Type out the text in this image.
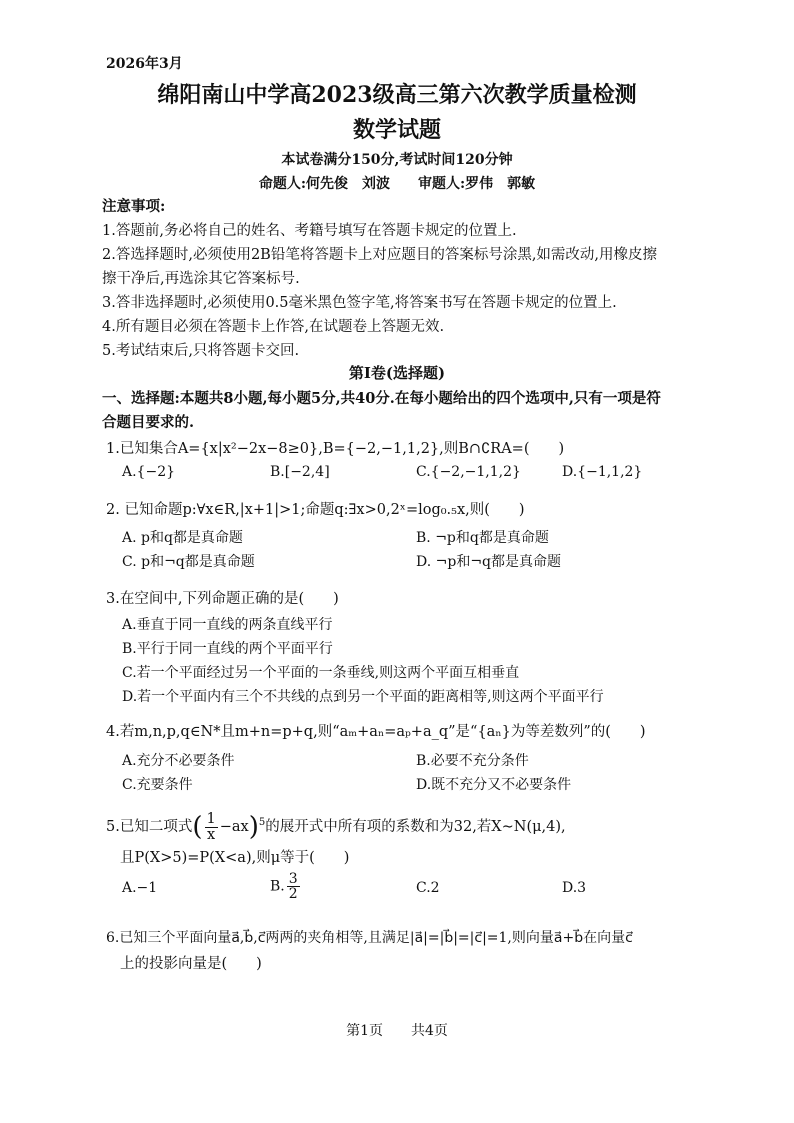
2026年3月
绵阳南山中学高2023级高三第六次教学质量检测
数学试题
本试卷满分150分,考试时间120分钟
命题人:何先俊　刘波　　审题人:罗伟　郭敏
注意事项:
1.答题前,务必将自己的姓名、考籍号填写在答题卡规定的位置上.
2.答选择题时,必须使用2B铅笔将答题卡上对应题目的答案标号涂黑,如需改动,用橡皮擦
擦干净后,再选涂其它答案标号.
3.答非选择题时,必须使用0.5毫米黑色签字笔,将答案书写在答题卡规定的位置上.
4.所有题目必须在答题卡上作答,在试题卷上答题无效.
5.考试结束后,只将答题卡交回.
第Ⅰ卷(选择题)
一、选择题:本题共8小题,每小题5分,共40分.在每小题给出的四个选项中,只有一项是符
合题目要求的.
1.已知集合A={x|x²−2x−8≥0},B={−2,−1,1,2},则B∩∁RA=(　　)
A.{−2}	B.[−2,4]	C.{−2,−1,1,2}	D.{−1,1,2}
2. 已知命题p:∀x∈R,|x+1|>1;命题q:∃x>0,2ˣ=log₀.₅x,则(　　)
A. p和q都是真命题	B. ¬p和q都是真命题
C. p和¬q都是真命题	D. ¬p和¬q都是真命题
3.在空间中,下列命题正确的是(　　)
A.垂直于同一直线的两条直线平行
B.平行于同一直线的两个平面平行
C.若一个平面经过另一个平面的一条垂线,则这两个平面互相垂直
D.若一个平面内有三个不共线的点到另一个平面的距离相等,则这两个平面平行
4.若m,n,p,q∈N*且m+n=p+q,则“aₘ+aₙ=aₚ+a_q”是“{aₙ}为等差数列”的(　　)
A.充分不必要条件	B.必要不充分条件
C.充要条件	D.既不充分又不必要条件
5.已知二项式( $\frac{1}{x} -ax)^5$的展开式中所有项的系数和为32,若X∼N(μ,4),
且P(X>5)=P(X<a),则μ等于(　　)
A.−1	B. $\frac{3}{2}$	C.2	D.3
6.已知三个平面向量a⃗,b⃗,c⃗两两的夹角相等,且满足|a⃗|=|b⃗|=|c⃗|=1,则向量a⃗+b⃗在向量c⃗
上的投影向量是(　　)
第1页　　共4页
